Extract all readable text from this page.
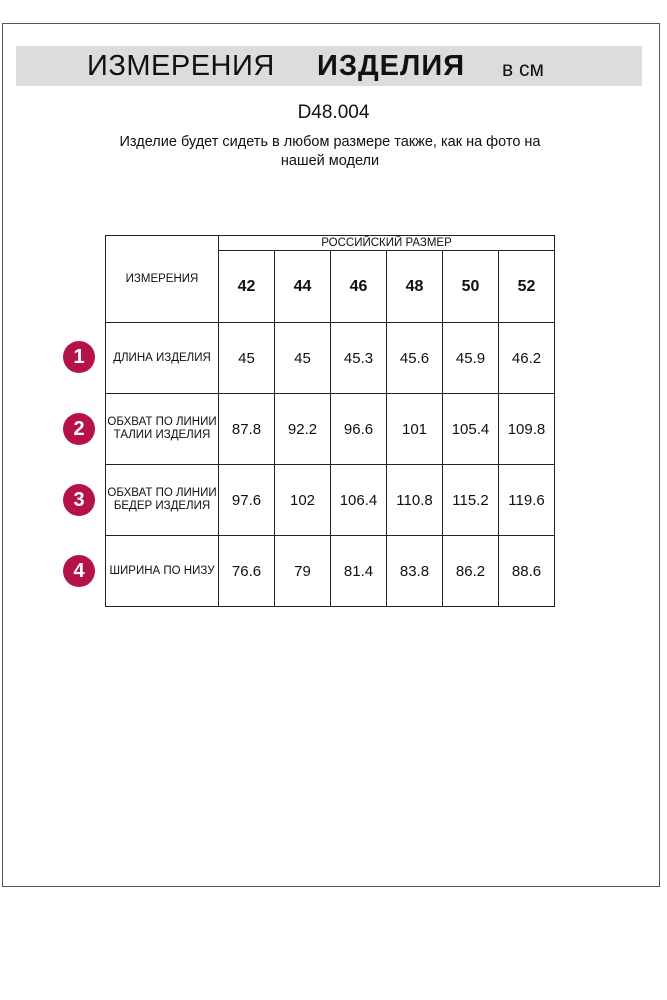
ИЗМЕРЕНИЯ ИЗДЕЛИЯ в см
D48.004
Изделие будет сидеть в любом размере также, как на фото на нашей модели
ИЗМЕРЕНИЯ	РОССИЙСКИЙ РАЗМЕР					
	42	44	46	48	50	52
ДЛИНА ИЗДЕЛИЯ	45	45	45.3	45.6	45.9	46.2
ОБХВАТ ПО ЛИНИИ ТАЛИИ ИЗДЕЛИЯ	87.8	92.2	96.6	101	105.4	109.8
ОБХВАТ ПО ЛИНИИ БЕДЕР ИЗДЕЛИЯ	97.6	102	106.4	110.8	115.2	119.6
ШИРИНА ПО НИЗУ	76.6	79	81.4	83.8	86.2	88.6
1
2
3
4
